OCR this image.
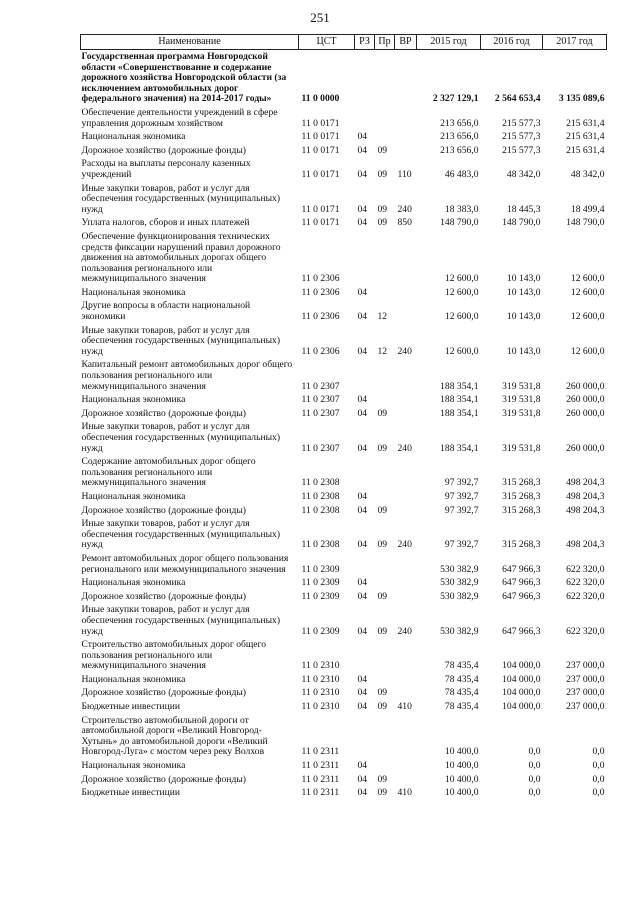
251
Наименование	ЦСТ	РЗ	Пр	ВР	2015 год	2016 год	2017 год
Государственная программа Новгородской области «Совершенствование и содержание дорожного хозяйства Новгородской области (за исключением автомобильных дорог федерального значения) на 2014-2017 годы»	11 0 0000				2 327 129,1	2 564 653,4	3 135 089,6
Обеспечение деятельности учреждений в сфере управления дорожным хозяйством	11 0 0171				213 656,0	215 577,3	215 631,4
Национальная экономика	11 0 0171	04			213 656,0	215 577,3	215 631,4
Дорожное хозяйство (дорожные фонды)	11 0 0171	04	09		213 656,0	215 577,3	215 631,4
Расходы на выплаты персоналу казенных учреждений	11 0 0171	04	09	110	46 483,0	48 342,0	48 342,0
Иные закупки товаров, работ и услуг для обеспечения государственных (муниципальных) нужд	11 0 0171	04	09	240	18 383,0	18 445,3	18 499,4
Уплата налогов, сборов и иных платежей	11 0 0171	04	09	850	148 790,0	148 790,0	148 790,0
Обеспечение функционирования технических средств фиксации нарушений правил дорожного движения на автомобильных дорогах общего пользования регионального или межмуниципального значения	11 0 2306				12 600,0	10 143,0	12 600,0
Национальная экономика	11 0 2306	04			12 600,0	10 143,0	12 600,0
Другие вопросы в области национальной экономики	11 0 2306	04	12		12 600,0	10 143,0	12 600,0
Иные закупки товаров, работ и услуг для обеспечения государственных (муниципальных) нужд	11 0 2306	04	12	240	12 600,0	10 143,0	12 600,0
Капитальный ремонт автомобильных дорог общего пользования регионального или межмуниципального значения	11 0 2307				188 354,1	319 531,8	260 000,0
Национальная экономика	11 0 2307	04			188 354,1	319 531,8	260 000,0
Дорожное хозяйство (дорожные фонды)	11 0 2307	04	09		188 354,1	319 531,8	260 000,0
Иные закупки товаров, работ и услуг для обеспечения государственных (муниципальных) нужд	11 0 2307	04	09	240	188 354,1	319 531,8	260 000,0
Содержание автомобильных дорог общего пользования регионального или межмуниципального значения	11 0 2308				97 392,7	315 268,3	498 204,3
Национальная экономика	11 0 2308	04			97 392,7	315 268,3	498 204,3
Дорожное хозяйство (дорожные фонды)	11 0 2308	04	09		97 392,7	315 268,3	498 204,3
Иные закупки товаров, работ и услуг для обеспечения государственных (муниципальных) нужд	11 0 2308	04	09	240	97 392,7	315 268,3	498 204,3
Ремонт автомобильных дорог общего пользования регионального или межмуниципального значения	11 0 2309				530 382,9	647 966,3	622 320,0
Национальная экономика	11 0 2309	04			530 382,9	647 966,3	622 320,0
Дорожное хозяйство (дорожные фонды)	11 0 2309	04	09		530 382,9	647 966,3	622 320,0
Иные закупки товаров, работ и услуг для обеспечения государственных (муниципальных) нужд	11 0 2309	04	09	240	530 382,9	647 966,3	622 320,0
Строительство автомобильных дорог общего пользования регионального или межмуниципального значения	11 0 2310				78 435,4	104 000,0	237 000,0
Национальная экономика	11 0 2310	04			78 435,4	104 000,0	237 000,0
Дорожное хозяйство (дорожные фонды)	11 0 2310	04	09		78 435,4	104 000,0	237 000,0
Бюджетные инвестиции	11 0 2310	04	09	410	78 435,4	104 000,0	237 000,0
Строительство автомобильной дороги от автомобильной дороги «Великий Новгород-Хутынь» до автомобильной дороги «Великий Новгород-Луга» с мостом через реку Волхов	11 0 2311				10 400,0	0,0	0,0
Национальная экономика	11 0 2311	04			10 400,0	0,0	0,0
Дорожное хозяйство (дорожные фонды)	11 0 2311	04	09		10 400,0	0,0	0,0
Бюджетные инвестиции	11 0 2311	04	09	410	10 400,0	0,0	0,0
